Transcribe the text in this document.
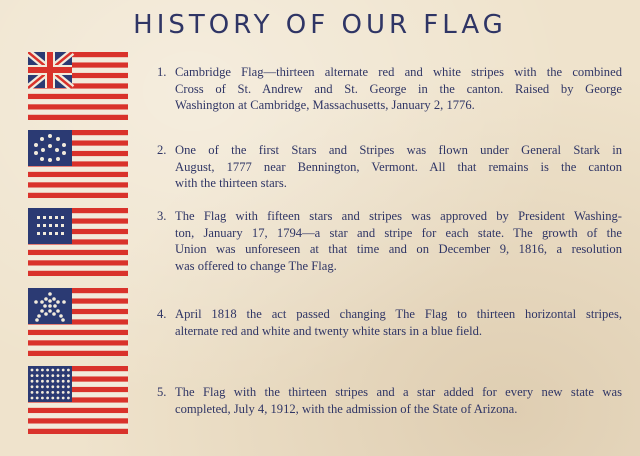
HISTORY OF OUR FLAG
1. Cambridge Flag—thirteen alternate red and white stripes with the combined
Cross of St. Andrew and St. George in the canton. Raised by George
Washington at Cambridge, Massachusetts, January 2, 1776.
2. One of the first Stars and Stripes was flown under General Stark in
August, 1777 near Bennington, Vermont. All that remains is the canton
with the thirteen stars.
3. The Flag with fifteen stars and stripes was approved by President Washing-
ton, January 17, 1794—a star and stripe for each state. The growth of the
Union was unforeseen at that time and on December 9, 1816, a resolution
was offered to change The Flag.
4. April 1818 the act passed changing The Flag to thirteen horizontal stripes,
alternate red and white and twenty white stars in a blue field.
5. The Flag with the thirteen stripes and a star added for every new state was
completed, July 4, 1912, with the admission of the State of Arizona.
